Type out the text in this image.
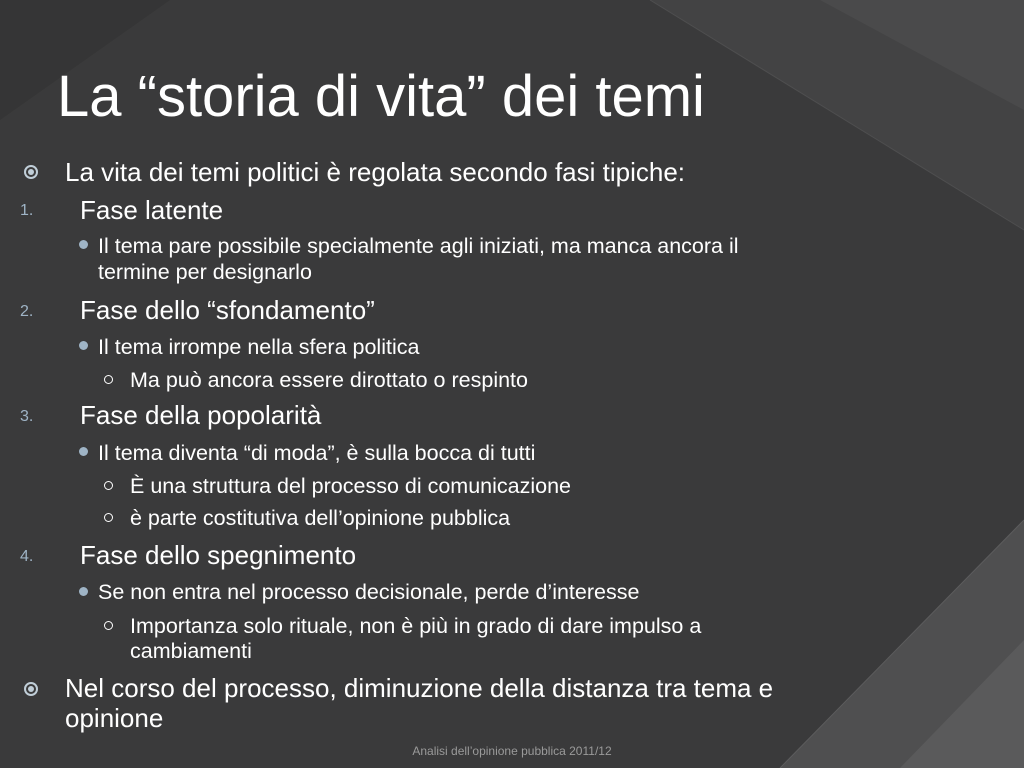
La “storia di vita” dei temi
La vita dei temi politici è regolata secondo fasi tipiche:
1. Fase latente
Il tema pare possibile specialmente agli iniziati, ma manca ancora il
termine per designarlo
2. Fase dello “sfondamento”
Il tema irrompe nella sfera politica
Ma può ancora essere dirottato o respinto
3. Fase della popolarità
Il tema diventa “di moda”, è sulla bocca di tutti
È una struttura del processo di comunicazione
è parte costitutiva dell’opinione pubblica
4. Fase dello spegnimento
Se non entra nel processo decisionale, perde d’interesse
Importanza solo rituale, non è più in grado di dare impulso a
cambiamenti
Nel corso del processo, diminuzione della distanza tra tema e
opinione
Analisi dell’opinione pubblica 2011/12
